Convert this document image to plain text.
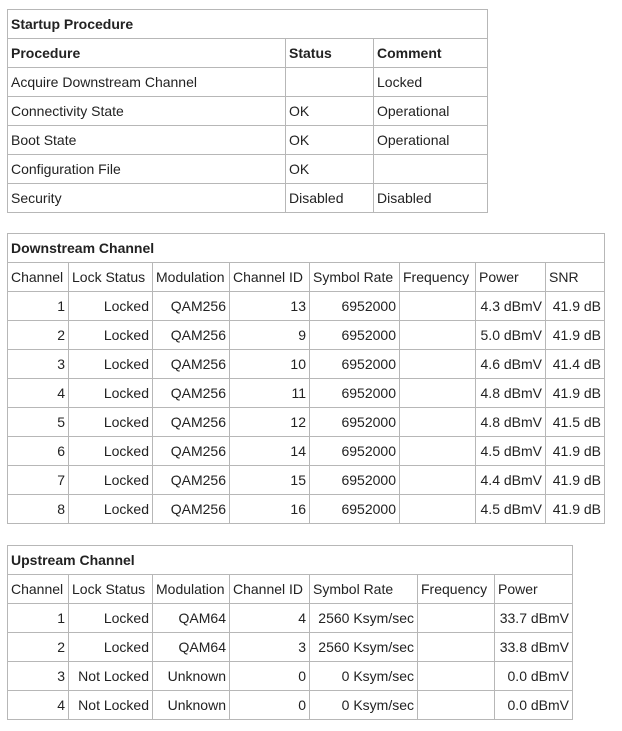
Startup Procedure		
Procedure	Status	Comment
Acquire Downstream Channel		Locked
Connectivity State	OK	Operational
Boot State	OK	Operational
Configuration File	OK	
Security	Disabled	Disabled
Downstream Channel							
Channel	Lock Status	Modulation	Channel ID	Symbol Rate	Frequency	Power	SNR
1	Locked	QAM256	13	6952000		4.3 dBmV	41.9 dB
2	Locked	QAM256	9	6952000		5.0 dBmV	41.9 dB
3	Locked	QAM256	10	6952000		4.6 dBmV	41.4 dB
4	Locked	QAM256	11	6952000		4.8 dBmV	41.9 dB
5	Locked	QAM256	12	6952000		4.8 dBmV	41.5 dB
6	Locked	QAM256	14	6952000		4.5 dBmV	41.9 dB
7	Locked	QAM256	15	6952000		4.4 dBmV	41.9 dB
8	Locked	QAM256	16	6952000		4.5 dBmV	41.9 dB
Upstream Channel						
Channel	Lock Status	Modulation	Channel ID	Symbol Rate	Frequency	Power
1	Locked	QAM64	4	2560 Ksym/sec		33.7 dBmV
2	Locked	QAM64	3	2560 Ksym/sec		33.8 dBmV
3	Not Locked	Unknown	0	0 Ksym/sec		0.0 dBmV
4	Not Locked	Unknown	0	0 Ksym/sec		0.0 dBmV
